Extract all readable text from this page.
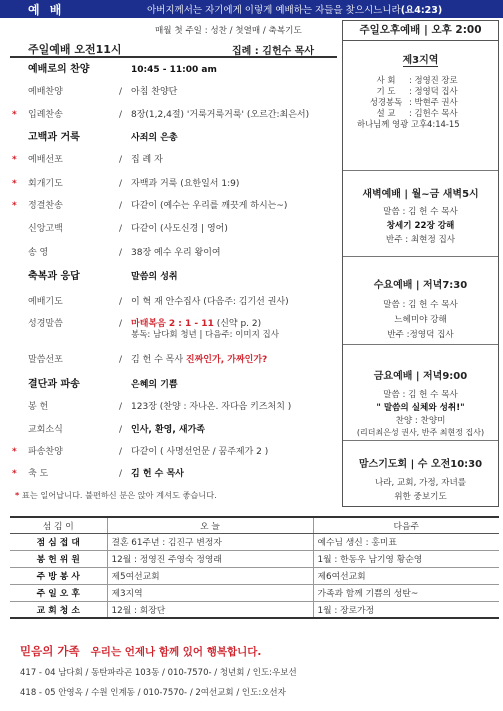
예 배	아버지께서는 자기에게 이렇게 예배하는 자들을 찾으시느니라(요4:23)
매월 첫 주일 : 성찬 / 첫열매 / 축복기도
주일예배 오전11시	집례 : 김헌수 목사
예배로의 찬양	10:45 - 11:00 am
예배찬양	/ 아침 찬양단
* 입례찬송	/ 8장(1,2,4절) '거룩거룩거룩' (오르간:최은서)
고백과 거룩	사죄의 은총
* 예배선포	/ 집 례 자
* 회개기도	/ 자백과 거룩 (요한일서 1:9)
* 정결찬송	/ 다같이 (예수는 우리를 깨끗게 하시는~)
신앙고백	/ 다같이 (사도신경 | 영어)
송 영	/ 38장 예수 우리 왕이여
축복과 응답	말씀의 성취
예배기도	/ 이 혁 재 안수집사 (다음주: 김기선 권사)
성경말씀	/ 마태복음 2 : 1 - 11 (신약 p. 2)
봉독: 남다회 청년 | 다음주: 이미지 집사
말씀선포	/ 김 헌 수 목사 진짜인가, 가짜인가?
결단과 파송	은혜의 기쁨
봉 헌	/ 123장 (찬양 : 자나온. 자다음 키즈처치 )
교회소식	/ 인사, 환영, 새가족
* 파송찬양	/ 다같이 ( 사명선언문 / 꿈주제가 2 )
* 축 도	/ 김 헌 수 목사
* 표는 일어납니다. 불편하신 분은 앉아 계셔도 좋습니다.
주일오후예배 | 오후 2:00
제3지역
사 회 : 정영진 장로
기 도 : 정영덕 집사
성경봉독 : 박현주 권사
설 교 : 김헌수 목사
하나님께 영광 고후4:14-15
새벽예배 | 월~금 새벽5시
말씀 : 김 헌 수 목사
창세기 22장 강해
반주 : 최현정 집사
수요예배 | 저녁7:30
말씀 : 김 헌 수 목사
느헤미야 강해
반주 :정영덕 집사
금요예배 | 저녁9:00
말씀 : 김 헌 수 목사
" 말씀의 실체와 성취!"
찬양 : 찬양미
(리더최은성 권사, 반주 최현정 집사)
맘스기도회 | 수 오전10:30
나라, 교회, 가정, 자녀를
위한 중보기도
섬 김 이	오 늘	다음주
점 심 접 대	결혼 61주년 : 김진구 변정자	예수님 생신 : 홍미표
봉 헌 위 원	12월 : 정영진 주영숙 정영래	1월 : 한동우 남기영 황순영
주 방 봉 사	제5여선교회	제6여선교회
주 일 오 후	제3지역	가족과 함께 기쁨의 성탄~
교 회 청 소	12월 : 회장단	1월 : 장로가정
믿음의 가족 우리는 언제나 함께 있어 행복합니다.
417 - 04 남다회 / 동탄파라곤 103동 / 010-7570- / 청년회 / 인도:우보선
418 - 05 안영옥 / 수원 인계동 / 010-7570- / 2여선교회 / 인도:오선자
